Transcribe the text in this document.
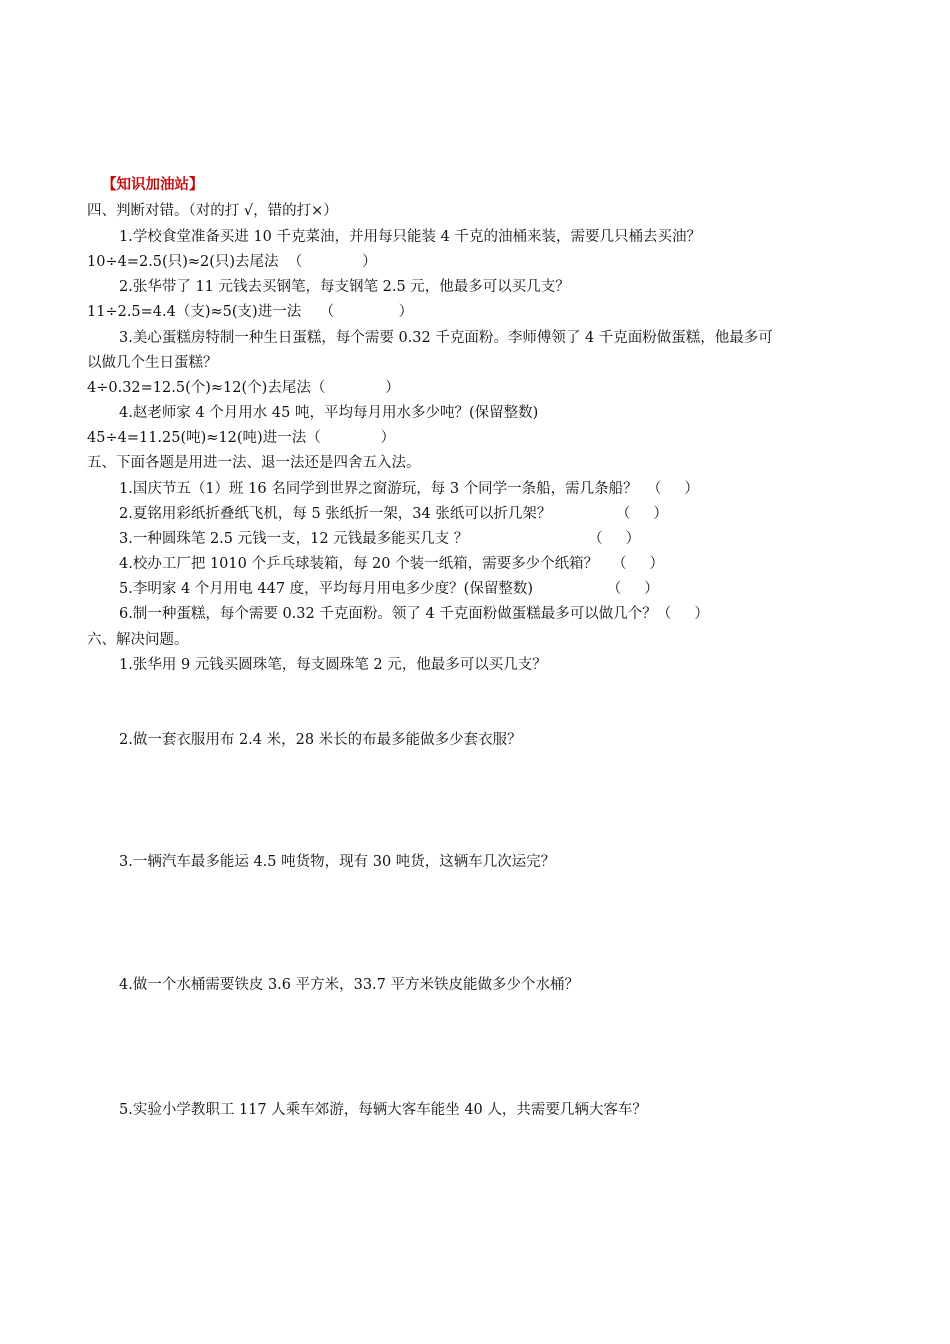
【知识加油站】
四、判断对错。（对的打 √，错的打×）
1.学校食堂准备买进 10 千克菜油，并用每只能装 4 千克的油桶来装，需要几只桶去买油？
10÷4=2.5(只)≈2(只)去尾法  （             ）
2.张华带了 11 元钱去买钢笔，每支钢笔 2.5 元，他最多可以买几支？
11÷2.5=4.4（支)≈5(支)进一法    （              ）
3.美心蛋糕房特制一种生日蛋糕，每个需要 0.32 千克面粉。李师傅领了 4 千克面粉做蛋糕，他最多可
以做几个生日蛋糕？
4÷0.32=12.5(个)≈12(个)去尾法（             ）
4.赵老师家 4 个月用水 45 吨，平均每月用水多少吨？(保留整数)
45÷4=11.25(吨)≈12(吨)进一法（             ）
五、下面各题是用进一法、退一法还是四舍五入法。
1.国庆节五（1）班 16 名同学到世界之窗游玩，每 3 个同学一条船，需几条船？  （     ）
2.夏铭用彩纸折叠纸飞机，每 5 张纸折一架，34 张纸可以折几架？              （     ）
3.一种圆珠笔 2.5 元钱一支，12 元钱最多能买几支 ？                          （     ）
4.校办工厂把 1010 个乒乓球装箱，每 20 个装一纸箱，需要多少个纸箱？   （     ）
5.李明家 4 个月用电 447 度，平均每月用电多少度？(保留整数)                （     ）
6.制一种蛋糕，每个需要 0.32 千克面粉。领了 4 千克面粉做蛋糕最多可以做几个？（     ）
六、解决问题。
1.张华用 9 元钱买圆珠笔，每支圆珠笔 2 元，他最多可以买几支？
2.做一套衣服用布 2.4 米，28 米长的布最多能做多少套衣服？
3.一辆汽车最多能运 4.5 吨货物，现有 30 吨货，这辆车几次运完？
4.做一个水桶需要铁皮 3.6 平方米，33.7 平方米铁皮能做多少个水桶？
5.实验小学教职工 117 人乘车郊游，每辆大客车能坐 40 人，共需要几辆大客车？
